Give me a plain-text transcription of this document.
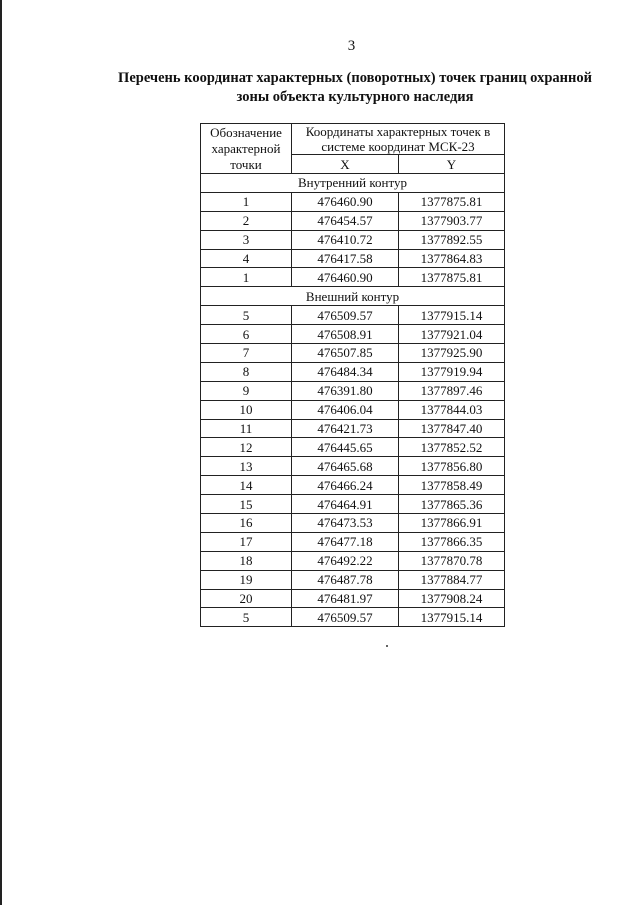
3
Перечень координат характерных (поворотных) точек границ охранной зоны объекта культурного наследия
Обозначение характерной точки	Координаты характерных точек в системе координат МСК-23	
	X	Y
Внутренний контур		
1	476460.90	1377875.81
2	476454.57	1377903.77
3	476410.72	1377892.55
4	476417.58	1377864.83
1	476460.90	1377875.81
Внешний контур		
5	476509.57	1377915.14
6	476508.91	1377921.04
7	476507.85	1377925.90
8	476484.34	1377919.94
9	476391.80	1377897.46
10	476406.04	1377844.03
11	476421.73	1377847.40
12	476445.65	1377852.52
13	476465.68	1377856.80
14	476466.24	1377858.49
15	476464.91	1377865.36
16	476473.53	1377866.91
17	476477.18	1377866.35
18	476492.22	1377870.78
19	476487.78	1377884.77
20	476481.97	1377908.24
5	476509.57	1377915.14
